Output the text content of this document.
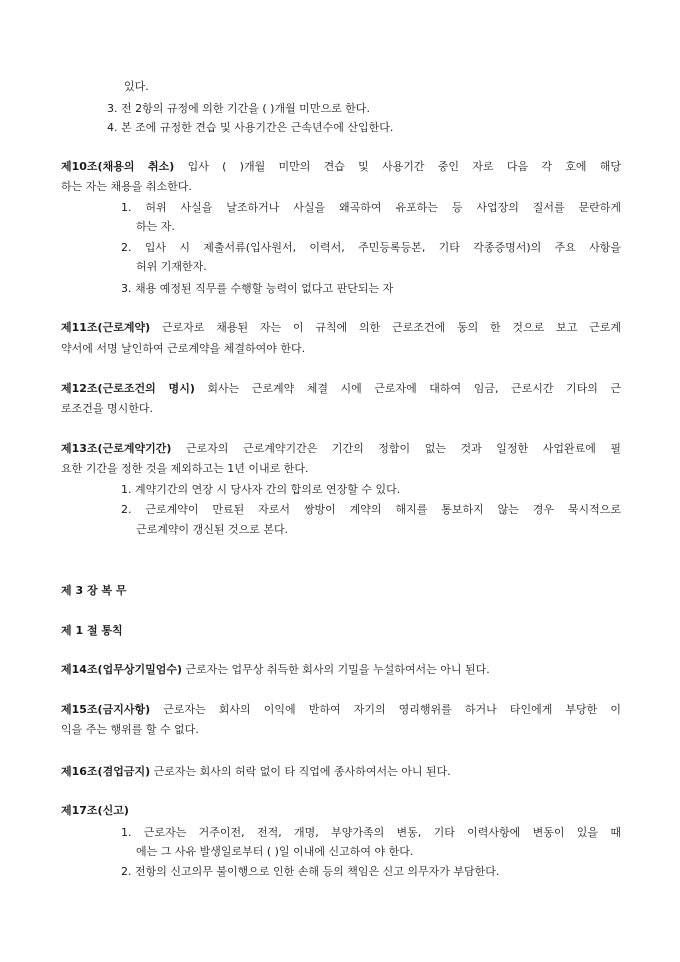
있다.
3. 전 2항의 규정에 의한 기간을 ( )개월 미만으로 한다.
4. 본 조에 규정한 견습 및 사용기간은 근속년수에 산입한다.
제10조(채용의 취소) 입사 ( )개월 미만의 견습 및 사용기간 중인 자로 다음 각 호에 해당
하는 자는 채용을 취소한다.
1. 허위 사실을 날조하거나 사실을 왜곡하여 유포하는 등 사업장의 질서를 문란하게
하는 자.
2. 입사 시 제출서류(입사원서, 이력서, 주민등록등본, 기타 각종증명서)의 주요 사항을
허위 기재한자.
3. 채용 예정된 직무를 수행할 능력이 없다고 판단되는 자
제11조(근로계약) 근로자로 채용된 자는 이 규칙에 의한 근로조건에 동의 한 것으로 보고 근로계
약서에 서명 날인하여 근로계약을 체결하여야 한다.
제12조(근로조건의 명시) 회사는 근로계약 체결 시에 근로자에 대하여 임금, 근로시간 기타의 근
로조건을 명시한다.
제13조(근로계약기간) 근로자의 근로계약기간은 기간의 정함이 없는 것과 일정한 사업완료에 필
요한 기간을 정한 것을 제외하고는 1년 이내로 한다.
1. 계약기간의 연장 시 당사자 간의 합의로 연장할 수 있다.
2. 근로계약이 만료된 자로서 쌍방이 계약의 해지를 통보하지 않는 경우 묵시적으로
근로계약이 갱신된 것으로 본다.
제 3 장 복 무
제 1 절 통칙
제14조(업무상기밀엄수) 근로자는 업무상 취득한 회사의 기밀을 누설하여서는 아니 된다.
제15조(금지사항) 근로자는 회사의 이익에 반하여 자기의 영리행위를 하거나 타인에게 부당한 이
익을 주는 행위를 할 수 없다.
제16조(겸업금지) 근로자는 회사의 허락 없이 타 직업에 종사하여서는 아니 된다.
제17조(신고)
1. 근로자는 거주이전, 전적, 개명, 부양가족의 변동, 기타 이력사항에 변동이 있을 때
에는 그 사유 발생일로부터 ( )일 이내에 신고하여 야 한다.
2. 전항의 신고의무 불이행으로 인한 손해 등의 책임은 신고 의무자가 부담한다.
